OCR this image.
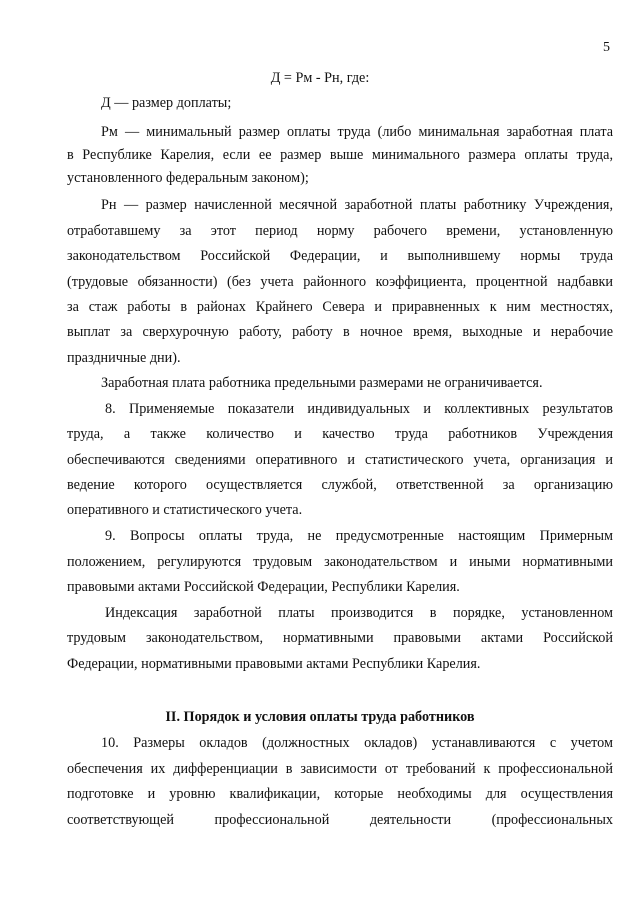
5
Д = Рм - Рн, где:
Д — размер доплаты;
Рм — минимальный размер оплаты труда (либо минимальная заработная плата
в Республике Карелия, если ее размер выше минимального размера оплаты труда,
установленного федеральным законом);
Рн — размер начисленной месячной заработной платы работнику Учреждения,
отработавшему за этот период норму рабочего времени, установленную
законодательством Российской Федерации, и выполнившему нормы труда
(трудовые обязанности) (без учета районного коэффициента, процентной надбавки
за стаж работы в районах Крайнего Севера и приравненных к ним местностях,
выплат за сверхурочную работу, работу в ночное время, выходные и нерабочие
праздничные дни).
Заработная плата работника предельными размерами не ограничивается.
8. Применяемые показатели индивидуальных и коллективных результатов
труда, а также количество и качество труда работников Учреждения
обеспечиваются сведениями оперативного и статистического учета, организация и
ведение которого осуществляется службой, ответственной за организацию
оперативного и статистического учета.
9. Вопросы оплаты труда, не предусмотренные настоящим Примерным
положением, регулируются трудовым законодательством и иными нормативными
правовыми актами Российской Федерации, Республики Карелия.
Индексация заработной платы производится в порядке, установленном
трудовым законодательством, нормативными правовыми актами Российской
Федерации, нормативными правовыми актами Республики Карелия.
II. Порядок и условия оплаты труда работников
10. Размеры окладов (должностных окладов) устанавливаются с учетом
обеспечения их дифференциации в зависимости от требований к профессиональной
подготовке и уровню квалификации, которые необходимы для осуществления
соответствующей профессиональной деятельности (профессиональных
